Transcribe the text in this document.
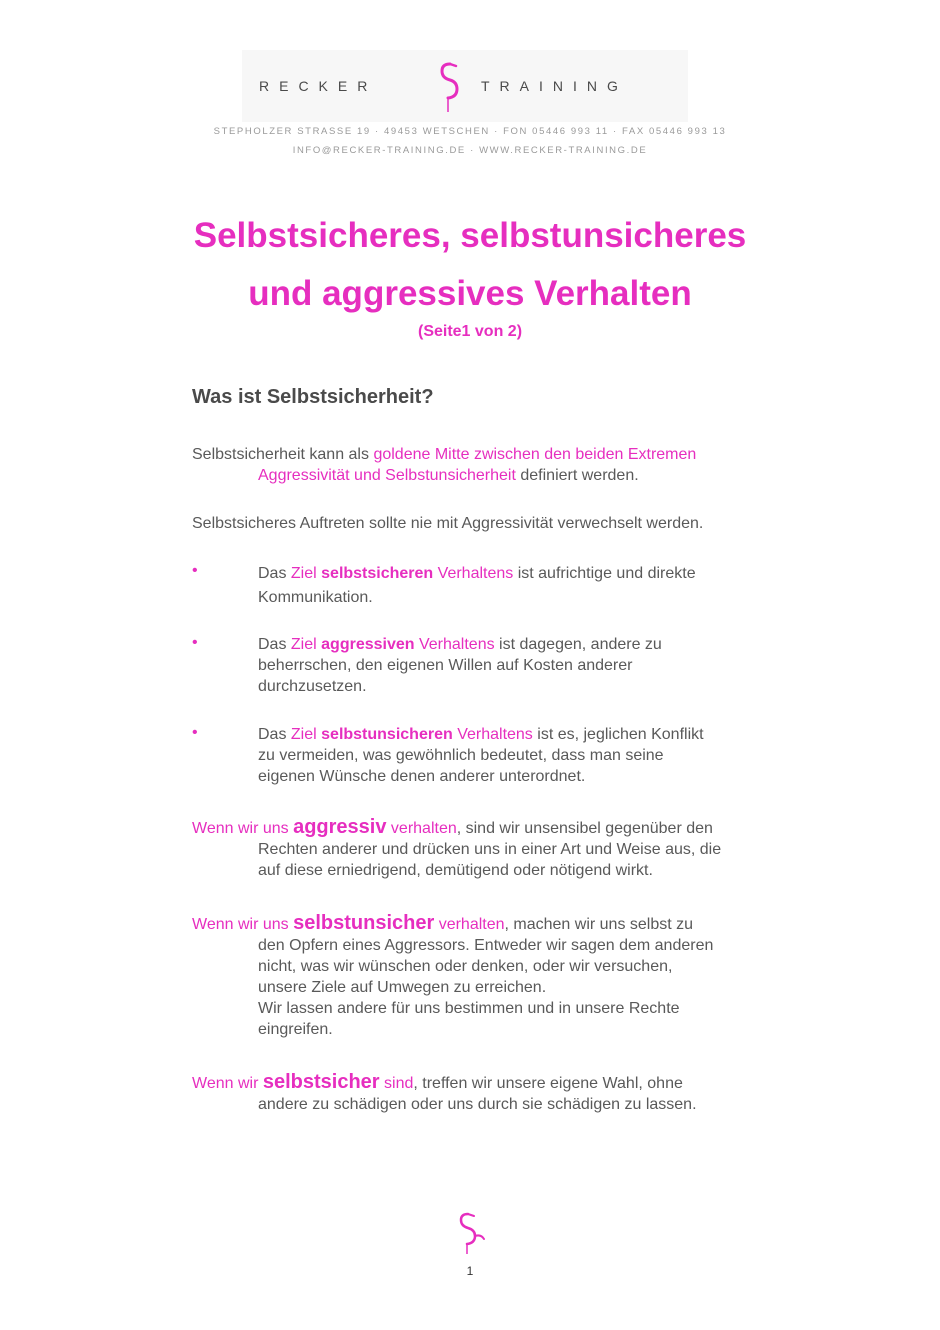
RECKER	TRAINING
STEPHOLZER STRASSE 19 · 49453 WETSCHEN · FON 05446 993 11 · FAX 05446 993 13
INFO@RECKER-TRAINING.DE · WWW.RECKER-TRAINING.DE
Selbstsicheres, selbstunsicheres
und aggressives Verhalten
(Seite1 von 2)
Was ist Selbstsicherheit?
Selbstsicherheit kann als goldene Mitte zwischen den beiden Extremen
Aggressivität und Selbstunsicherheit definiert werden.
Selbstsicheres Auftreten sollte nie mit Aggressivität verwechselt werden.
•	Das Ziel selbstsicheren Verhaltens ist aufrichtige und direkte
Kommunikation.
•	Das Ziel aggressiven Verhaltens ist dagegen, andere zu
beherrschen, den eigenen Willen auf Kosten anderer
durchzusetzen.
•	Das Ziel selbstunsicheren Verhaltens ist es, jeglichen Konflikt
zu vermeiden, was gewöhnlich bedeutet, dass man seine
eigenen Wünsche denen anderer unterordnet.
Wenn wir uns aggressiv verhalten, sind wir unsensibel gegenüber den
Rechten anderer und drücken uns in einer Art und Weise aus, die
auf diese erniedrigend, demütigend oder nötigend wirkt.
Wenn wir uns selbstunsicher verhalten, machen wir uns selbst zu
den Opfern eines Aggressors. Entweder wir sagen dem anderen
nicht, was wir wünschen oder denken, oder wir versuchen,
unsere Ziele auf Umwegen zu erreichen.
Wir lassen andere für uns bestimmen und in unsere Rechte
eingreifen.
Wenn wir selbstsicher sind, treffen wir unsere eigene Wahl, ohne
andere zu schädigen oder uns durch sie schädigen zu lassen.
1
